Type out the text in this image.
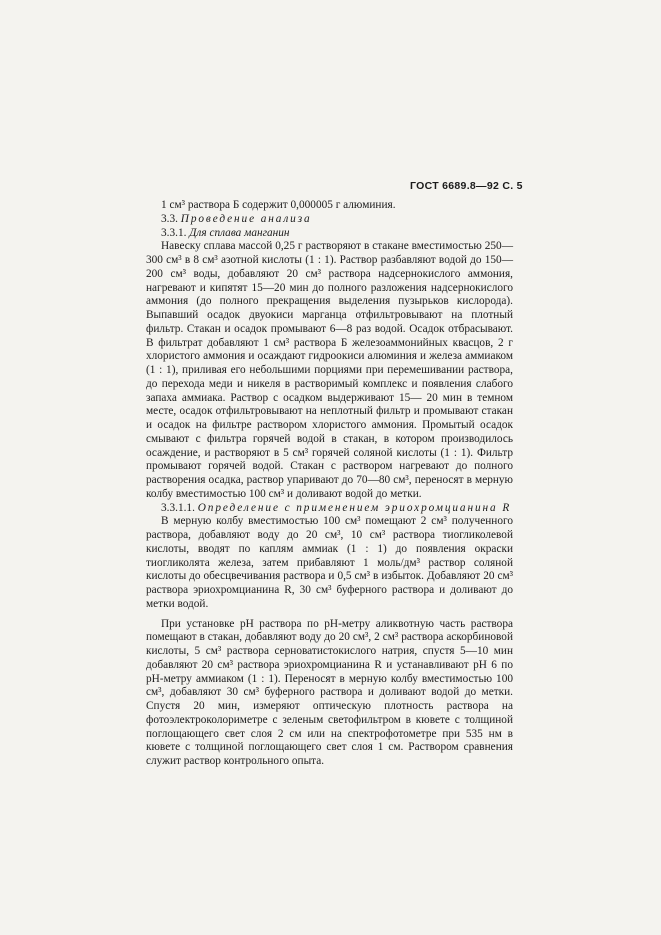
ГОСТ 6689.8—92 С. 5

1 см³ раствора Б содержит 0,000005 г алюминия.

3.3. Проведение анализа

3.3.1. Для сплава манганин

Навеску сплава массой 0,25 г растворяют в стакане вместимостью 250—300 см³ в 8 см³ азотной кислоты (1 : 1). Раствор разбавляют водой до 150—200 см³ воды, добавляют 20 см³ раствора надсернокислого аммония, нагревают и кипятят 15—20 мин до полного разложения надсернокислого аммония (до полного прекращения выделения пузырьков кислорода). Выпавший осадок двуокиси марганца отфильтровывают на плотный фильтр. Стакан и осадок промывают 6—8 раз водой. Осадок отбрасывают. В фильтрат добавляют 1 см³ раствора Б железоаммонийных квасцов, 2 г хлористого аммония и осаждают гидроокиси алюминия и железа аммиаком (1 : 1), приливая его небольшими порциями при перемешивании раствора, до перехода меди и никеля в растворимый комплекс и появления слабого запаха аммиака. Раствор с осадком выдерживают 15— 20 мин в темном месте, осадок отфильтровывают на неплотный фильтр и промывают стакан и осадок на фильтре раствором хлористого аммония. Промытый осадок смывают с фильтра горячей водой в стакан, в котором производилось осаждение, и растворяют в 5 см³ горячей соляной кислоты (1 : 1). Фильтр промывают горячей водой. Стакан с раствором нагревают до полного растворения осадка, раствор упаривают до 70—80 см³, переносят в мерную колбу вместимостью 100 см³ и доливают водой до метки.

3.3.1.1. Определение с применением эриохромцианина R

В мерную колбу вместимостью 100 см³ помещают 2 см³ полученного раствора, добавляют воду до 20 см³, 10 см³ раствора тиогликолевой кислоты, вводят по каплям аммиак (1 : 1) до появления окраски тиогликолята железа, затем прибавляют 1 моль/дм³ раствор соляной кислоты до обесцвечивания раствора и 0,5 см³ в избыток. Добавляют 20 см³ раствора эриохромцианина R, 30 см³ буферного раствора и доливают до метки водой.

При установке рН раствора по рН-метру аликвотную часть раствора помещают в стакан, добавляют воду до 20 см³, 2 см³ раствора аскорбиновой кислоты, 5 см³ раствора серноватистокислого натрия, спустя 5—10 мин добавляют 20 см³ раствора эриохромцианина R и устанавливают рН 6 по рН-метру аммиаком (1 : 1). Переносят в мерную колбу вместимостью 100 см³, добавляют 30 см³ буферного раствора и доливают водой до метки. Спустя 20 мин, измеряют оптическую плотность раствора на фотоэлектроколориметре с зеленым светофильтром в кювете с толщиной поглощающего свет слоя 2 см или на спектрофотометре при 535 нм в кювете с толщиной поглощающего свет слоя 1 см. Раствором сравнения служит раствор контрольного опыта.
